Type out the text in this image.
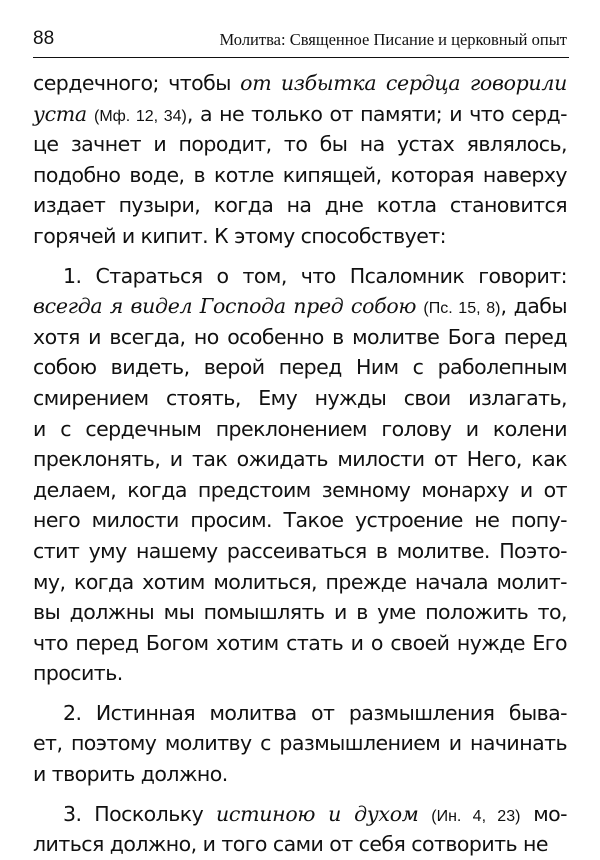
88	Молитва: Священное Писание и церковный опыт
сердечного; чтобы от избытка сердца говорили
уста (Мф. 12, 34), а не только от памяти; и что серд-
це зачнет и породит, то бы на устах являлось,
подобно воде, в котле кипящей, которая наверху
издает пузыри, когда на дне котла становится
горячей и кипит. К этому способствует:
1. Стараться о том, что Псаломник говорит:
всегда я видел Господа пред собою (Пс. 15, 8), дабы
хотя и всегда, но особенно в молитве Бога перед
собою видеть, верой перед Ним с раболепным
смирением стоять, Ему нужды свои излагать,
и с сердечным преклонением голову и колени
преклонять, и так ожидать милости от Него, как
делаем, когда предстоим земному монарху и от
него милости просим. Такое устроение не попу-
стит уму нашему рассеиваться в молитве. Поэто-
му, когда хотим молиться, прежде начала молит-
вы должны мы помышлять и в уме положить то,
что перед Богом хотим стать и о своей нужде Его
просить.
2. Истинная молитва от размышления быва-
ет, поэтому молитву с размышлением и начинать
и творить должно.
3. Поскольку истиною и духом (Ин. 4, 23) мо-
литься должно, и того сами от себя сотворить не
